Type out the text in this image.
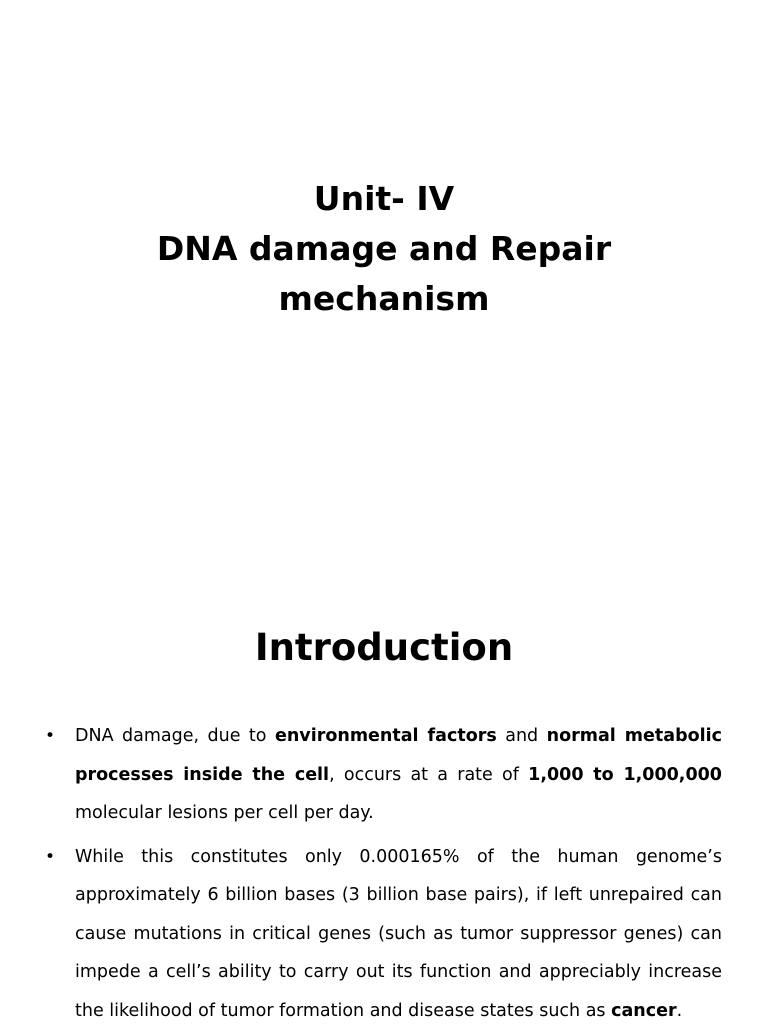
Unit- IV
DNA damage and Repair
mechanism
Introduction
• DNA damage, due to environmental factors and normal metabolic processes inside the cell, occurs at a rate of 1,000 to 1,000,000 molecular lesions per cell per day.
• While this constitutes only 0.000165% of the human genome’s approximately 6 billion bases (3 billion base pairs), if left unrepaired can cause mutations in critical genes (such as tumor suppressor genes) can impede a cell’s ability to carry out its function and appreciably increase the likelihood of tumor formation and disease states such as cancer.
